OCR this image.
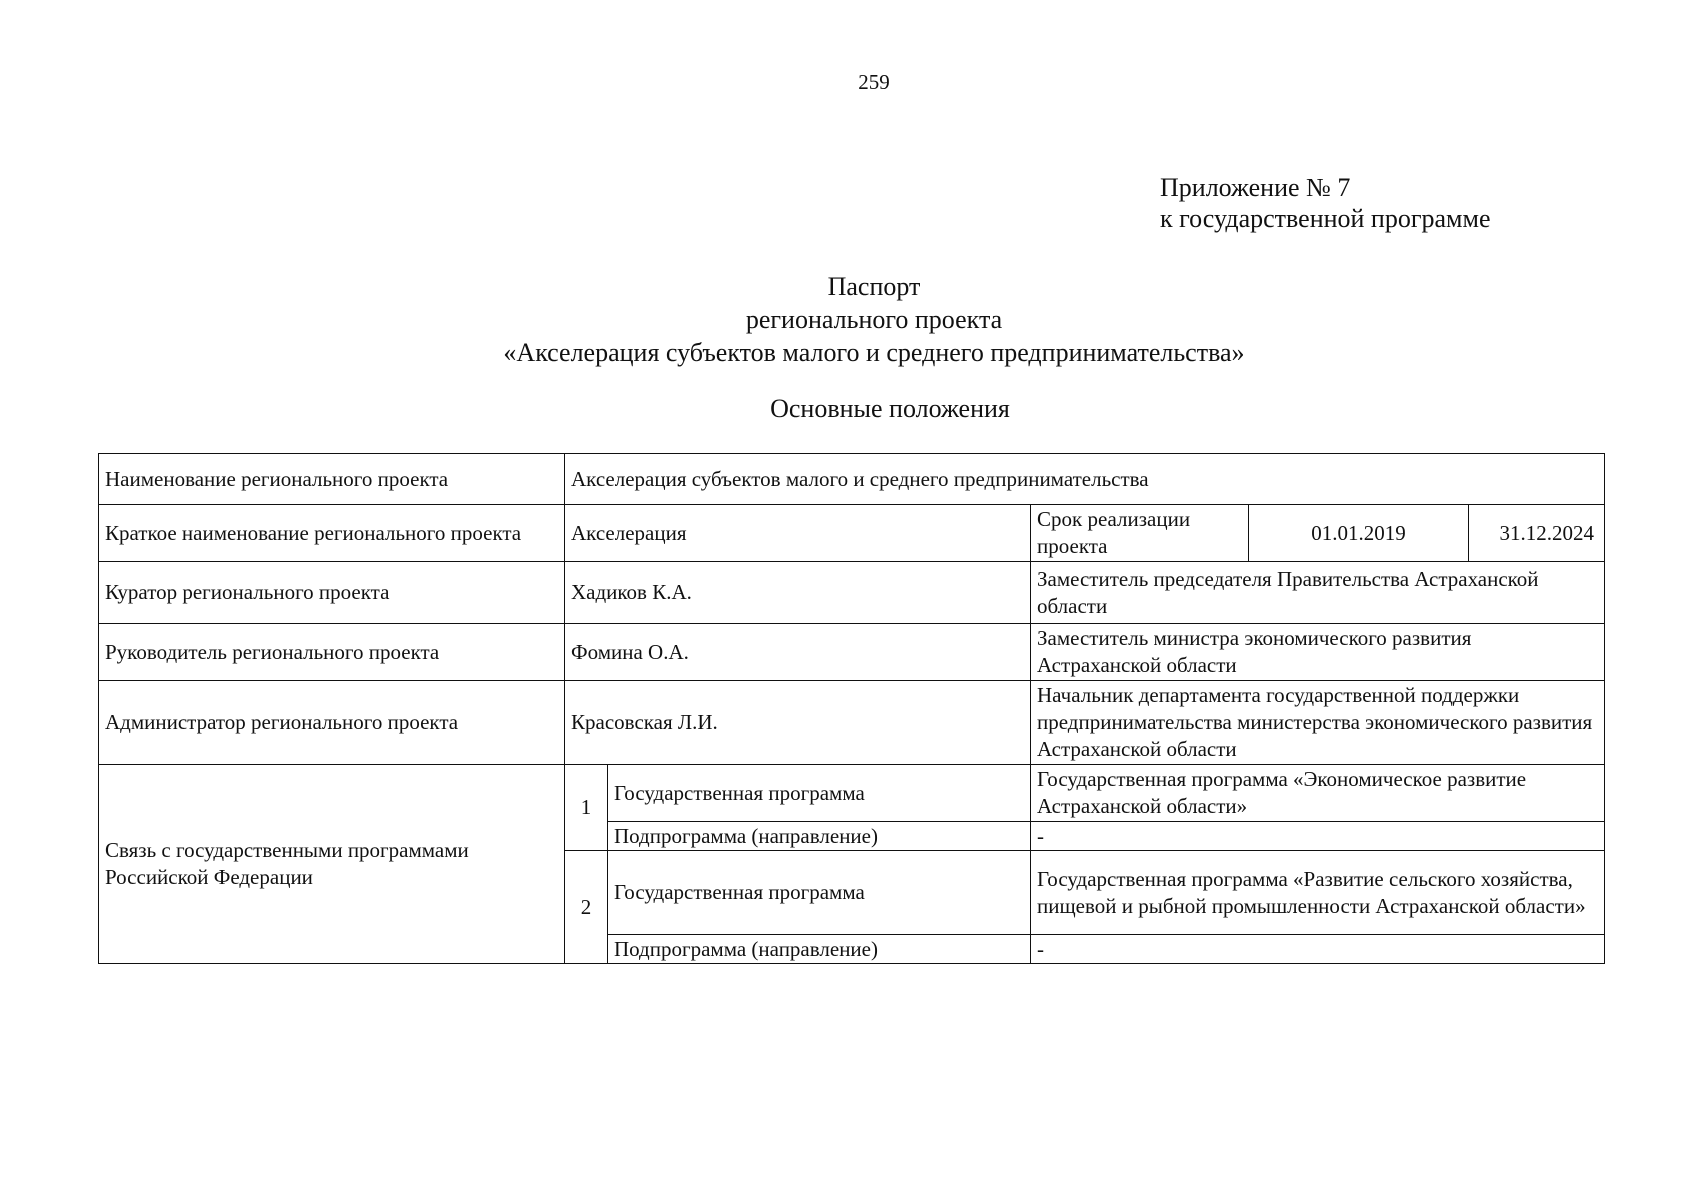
259
Приложение № 7
к государственной программе
Паспорт
регионального проекта
«Акселерация субъектов малого и среднего предпринимательства»
Основные положения
Наименование регионального проекта	Акселерация субъектов малого и среднего предпринимательства				
Краткое наименование регионального проекта	Акселерация		Срок реализации проекта	01.01.2019	31.12.2024
Куратор регионального проекта	Хадиков К.А.		Заместитель председателя Правительства Астраханской области		
Руководитель регионального проекта	Фомина О.А.		Заместитель министра экономического развития Астраханской области		
Администратор регионального проекта	Красовская Л.И.		Начальник департамента государственной поддержки предпринимательства министерства экономического развития Астраханской области		
Связь с государственными программами Российской Федерации	1	Государственная программа	Государственная программа «Экономическое развитие Астраханской области»		
		Подпрограмма (направление)	-		
	2	Государственная программа	Государственная программа «Развитие сельского хозяйства, пищевой и рыбной промышленности Астраханской области»		
		Подпрограмма (направление)	-		
